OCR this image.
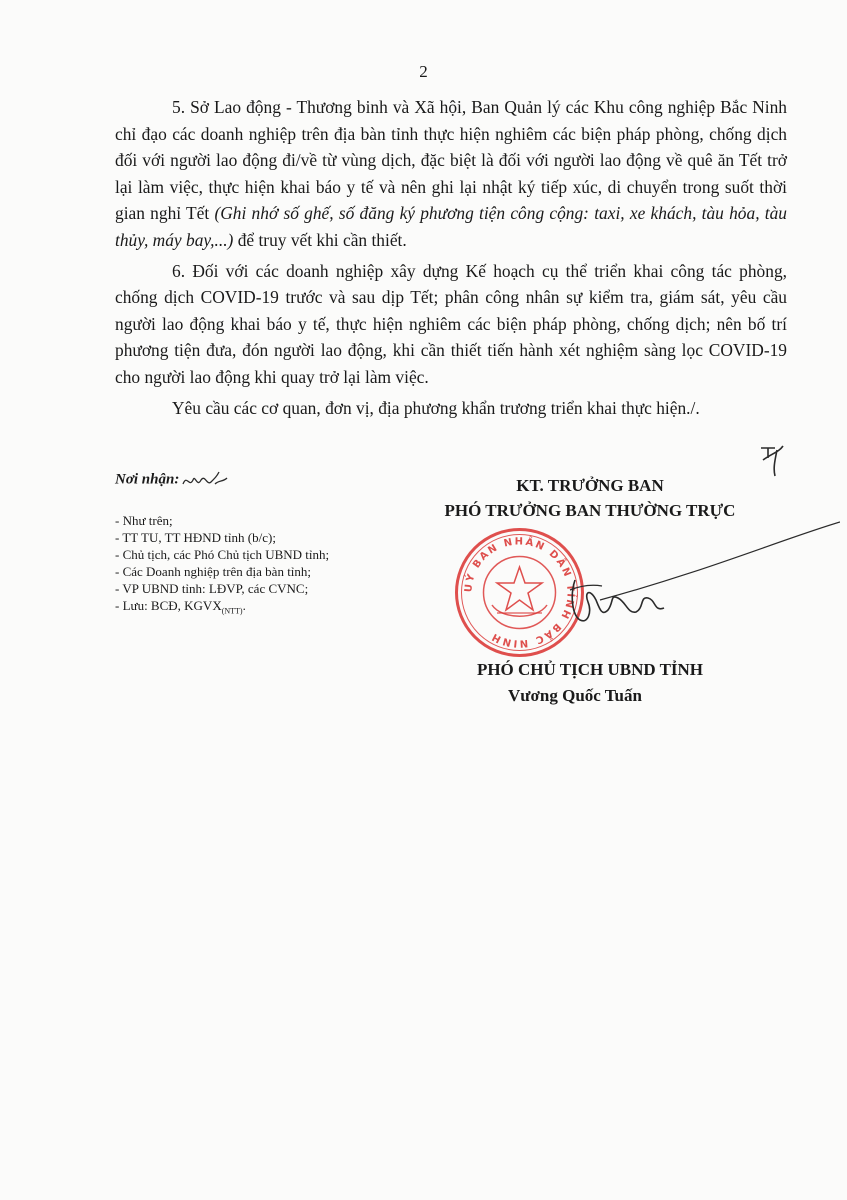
2

5. Sở Lao động - Thương binh và Xã hội, Ban Quản lý các Khu công nghiệp Bắc Ninh chỉ đạo các doanh nghiệp trên địa bàn tỉnh thực hiện nghiêm các biện pháp phòng, chống dịch đối với người lao động đi/về từ vùng dịch, đặc biệt là đối với người lao động về quê ăn Tết trở lại làm việc, thực hiện khai báo y tế và nên ghi lại nhật ký tiếp xúc, di chuyển trong suốt thời gian nghỉ Tết (Ghi nhớ số ghế, số đăng ký phương tiện công cộng: taxi, xe khách, tàu hỏa, tàu thủy, máy bay,...) để truy vết khi cần thiết.

6. Đối với các doanh nghiệp xây dựng Kế hoạch cụ thể triển khai công tác phòng, chống dịch COVID-19 trước và sau dịp Tết; phân công nhân sự kiểm tra, giám sát, yêu cầu người lao động khai báo y tế, thực hiện nghiêm các biện pháp phòng, chống dịch; nên bố trí phương tiện đưa, đón người lao động, khi cần thiết tiến hành xét nghiệm sàng lọc COVID-19 cho người lao động khi quay trở lại làm việc.

Yêu cầu các cơ quan, đơn vị, địa phương khẩn trương triển khai thực hiện./.

Nơi nhận:
- Như trên;
- TT TU, TT HĐND tỉnh (b/c);
- Chủ tịch, các Phó Chủ tịch UBND tỉnh;
- Các Doanh nghiệp trên địa bàn tỉnh;
- VP UBND tỉnh: LĐVP, các CVNC;
- Lưu: BCĐ, $KGVX_{(NTT)}$.
KT. TRƯỞNG BAN
PHÓ TRƯỞNG BAN THƯỜNG TRỰC
UỶ BAN NHÂN DÂN TỈNH BẮC NINH
PHÓ CHỦ TỊCH UBND TỈNH
Vương Quốc Tuấn
